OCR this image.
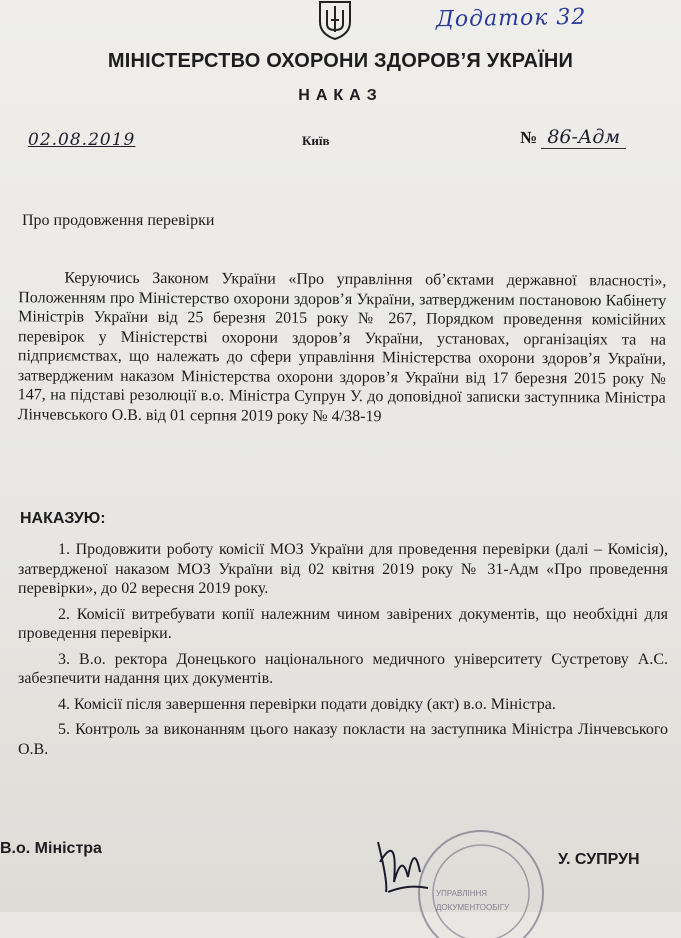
Додаток 32
МІНІСТЕРСТВО ОХОРОНИ ЗДОРОВ’Я УКРАЇНИ
НАКАЗ
02.08.2019	Київ	№ 86-Адм
Про продовження перевірки
Керуючись Законом України «Про управління об’єктами державної власності», Положенням про Міністерство охорони здоров’я України, затвердженим постановою Кабінету Міністрів України від 25 березня 2015 року № 267, Порядком проведення комісійних перевірок у Міністерстві охорони здоров’я України, установах, організаціях та на підприємствах, що належать до сфери управління Міністерства охорони здоров’я України, затвердженим наказом Міністерства охорони здоров’я України від 17 березня 2015 року № 147, на підставі резолюції в.о. Міністра Супрун У. до доповідної записки заступника Міністра Лінчевського О.В. від 01 серпня 2019 року № 4/38-19
НАКАЗУЮ:
1. Продовжити роботу комісії МОЗ України для проведення перевірки (далі – Комісія), затвердженої наказом МОЗ України від 02 квітня 2019 року № 31-Адм «Про проведення перевірки», до 02 вересня 2019 року.
2. Комісії витребувати копії належним чином завірених документів, що необхідні для проведення перевірки.
3. В.о. ректора Донецького національного медичного університету Сустретову А.С. забезпечити надання цих документів.
4. Комісії після завершення перевірки подати довідку (акт) в.о. Міністра.
5. Контроль за виконанням цього наказу покласти на заступника Міністра Лінчевського О.В.
УПРАВЛІННЯ
ДОКУМЕНТООБІГУ
В.о. Міністра
У. СУПРУН
